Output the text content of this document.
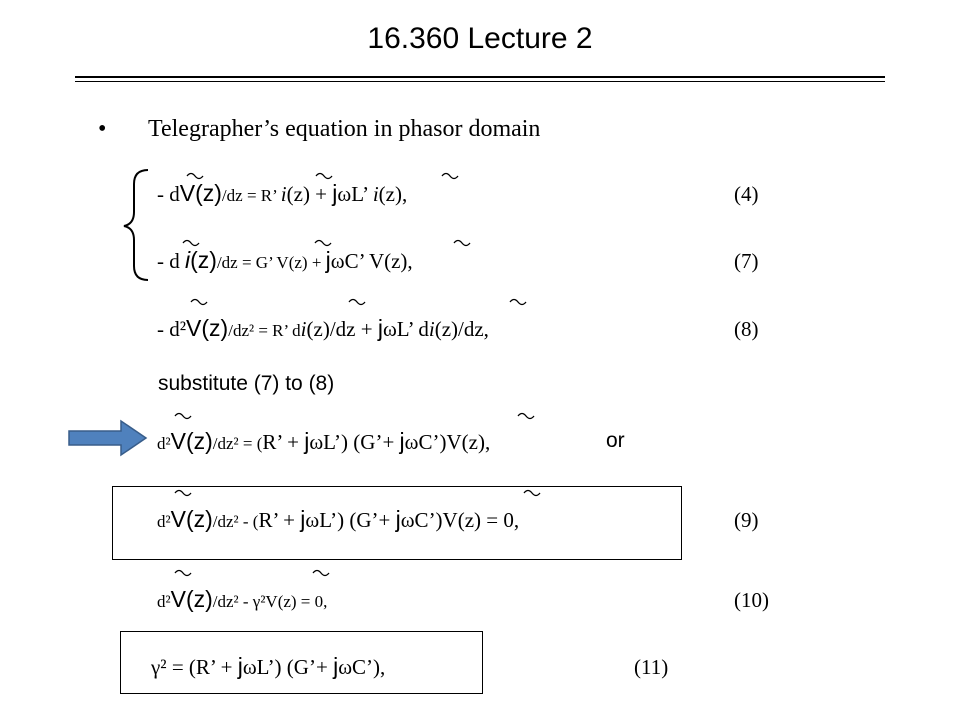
16.360 Lecture 2
• Telegrapher’s equation in phasor domain
- dV(z)/dz = R’ i(z) + jωL’ i(z),	(4)
- d i(z)/dz = G’ V(z) + jωC’ V(z),	(7)
- d²V(z)/dz² = R’ di(z)/dz + jωL’ di(z)/dz,	(8)
substitute (7) to (8)
d²V(z)/dz² = (R’ + jωL’) (G’+ jωC’)V(z),	or
d²V(z)/dz² - (R’ + jωL’) (G’+ jωC’)V(z) = 0,	(9)
d²V(z)/dz² - γ²V(z) = 0,	(10)
γ² = (R’ + jωL’) (G’+ jωC’),	(11)
